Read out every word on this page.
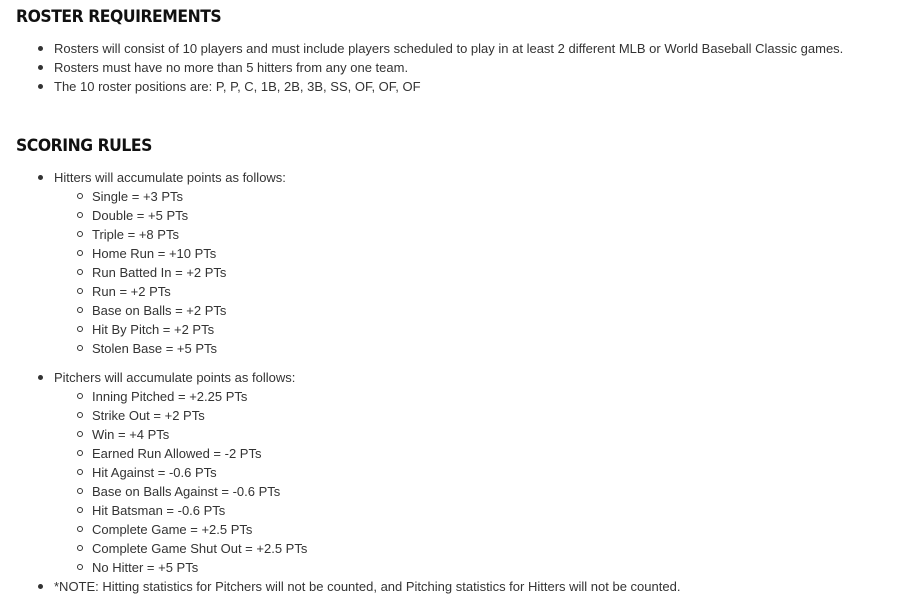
ROSTER REQUIREMENTS
Rosters will consist of 10 players and must include players scheduled to play in at least 2 different MLB or World Baseball Classic games.
Rosters must have no more than 5 hitters from any one team.
The 10 roster positions are: P, P, C, 1B, 2B, 3B, SS, OF, OF, OF
SCORING RULES
Hitters will accumulate points as follows:
Single = +3 PTs
Double = +5 PTs
Triple = +8 PTs
Home Run = +10 PTs
Run Batted In = +2 PTs
Run = +2 PTs
Base on Balls = +2 PTs
Hit By Pitch = +2 PTs
Stolen Base = +5 PTs
Pitchers will accumulate points as follows:
Inning Pitched = +2.25 PTs
Strike Out = +2 PTs
Win = +4 PTs
Earned Run Allowed = -2 PTs
Hit Against = -0.6 PTs
Base on Balls Against = -0.6 PTs
Hit Batsman = -0.6 PTs
Complete Game = +2.5 PTs
Complete Game Shut Out = +2.5 PTs
No Hitter = +5 PTs
*NOTE: Hitting statistics for Pitchers will not be counted, and Pitching statistics for Hitters will not be counted.
